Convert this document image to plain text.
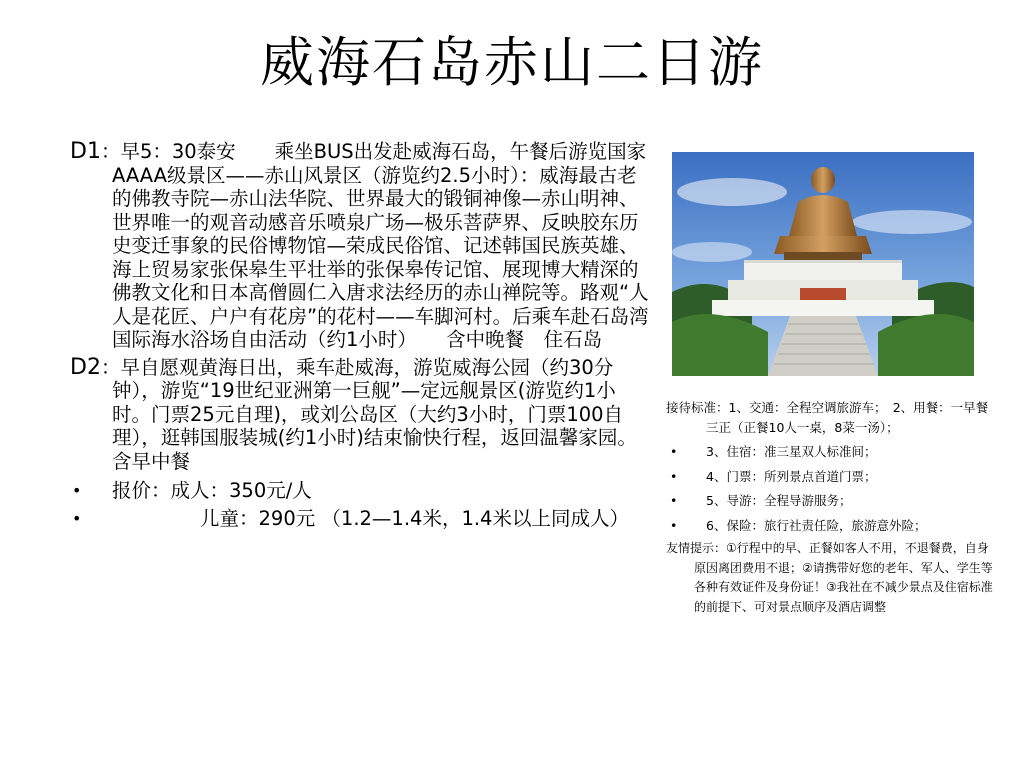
威海石岛赤山二日游
D1：早5：30泰安　　乘坐BUS出发赴威海石岛，午餐后游览国家AAAA级景区——赤山风景区（游览约2.5小时）：威海最古老的佛教寺院—赤山法华院、世界最大的锻铜神像—赤山明神、世界唯一的观音动感音乐喷泉广场—极乐菩萨界、反映胶东历史变迁事象的民俗博物馆—荣成民俗馆、记述韩国民族英雄、海上贸易家张保皋生平壮举的张保皋传记馆、展现博大精深的佛教文化和日本高僧圆仁入唐求法经历的赤山禅院等。路观“人人是花匠、户户有花房”的花村——车脚河村。后乘车赴石岛湾国际海水浴场自由活动（约1小时）　　含中晚餐　住石岛
D2：早自愿观黄海日出，乘车赴威海，游览威海公园（约30分钟），游览“19世纪亚洲第一巨舰”—定远舰景区(游览约1小时。门票25元自理)，或刘公岛区（大约3小时，门票100自理），逛韩国服装城(约1小时)结束愉快行程，返回温馨家园。　　　　　　含早中餐
• 报价：成人：350元/人
• 儿童：290元 （1.2—1.4米，1.4米以上同成人）
接待标准：1、交通：全程空调旅游车；　2、用餐：一早餐三正（正餐10人一桌，8菜一汤）；
• 3、住宿：准三星双人标准间；
• 4、门票：所列景点首道门票；
• 5、导游：全程导游服务；
• 6、保险：旅行社责任险，旅游意外险；
友情提示：①行程中的早、正餐如客人不用，不退餐费，自身原因离团费用不退；②请携带好您的老年、军人、学生等各种有效证件及身份证！③我社在不减少景点及住宿标准的前提下、可对景点顺序及酒店调整
